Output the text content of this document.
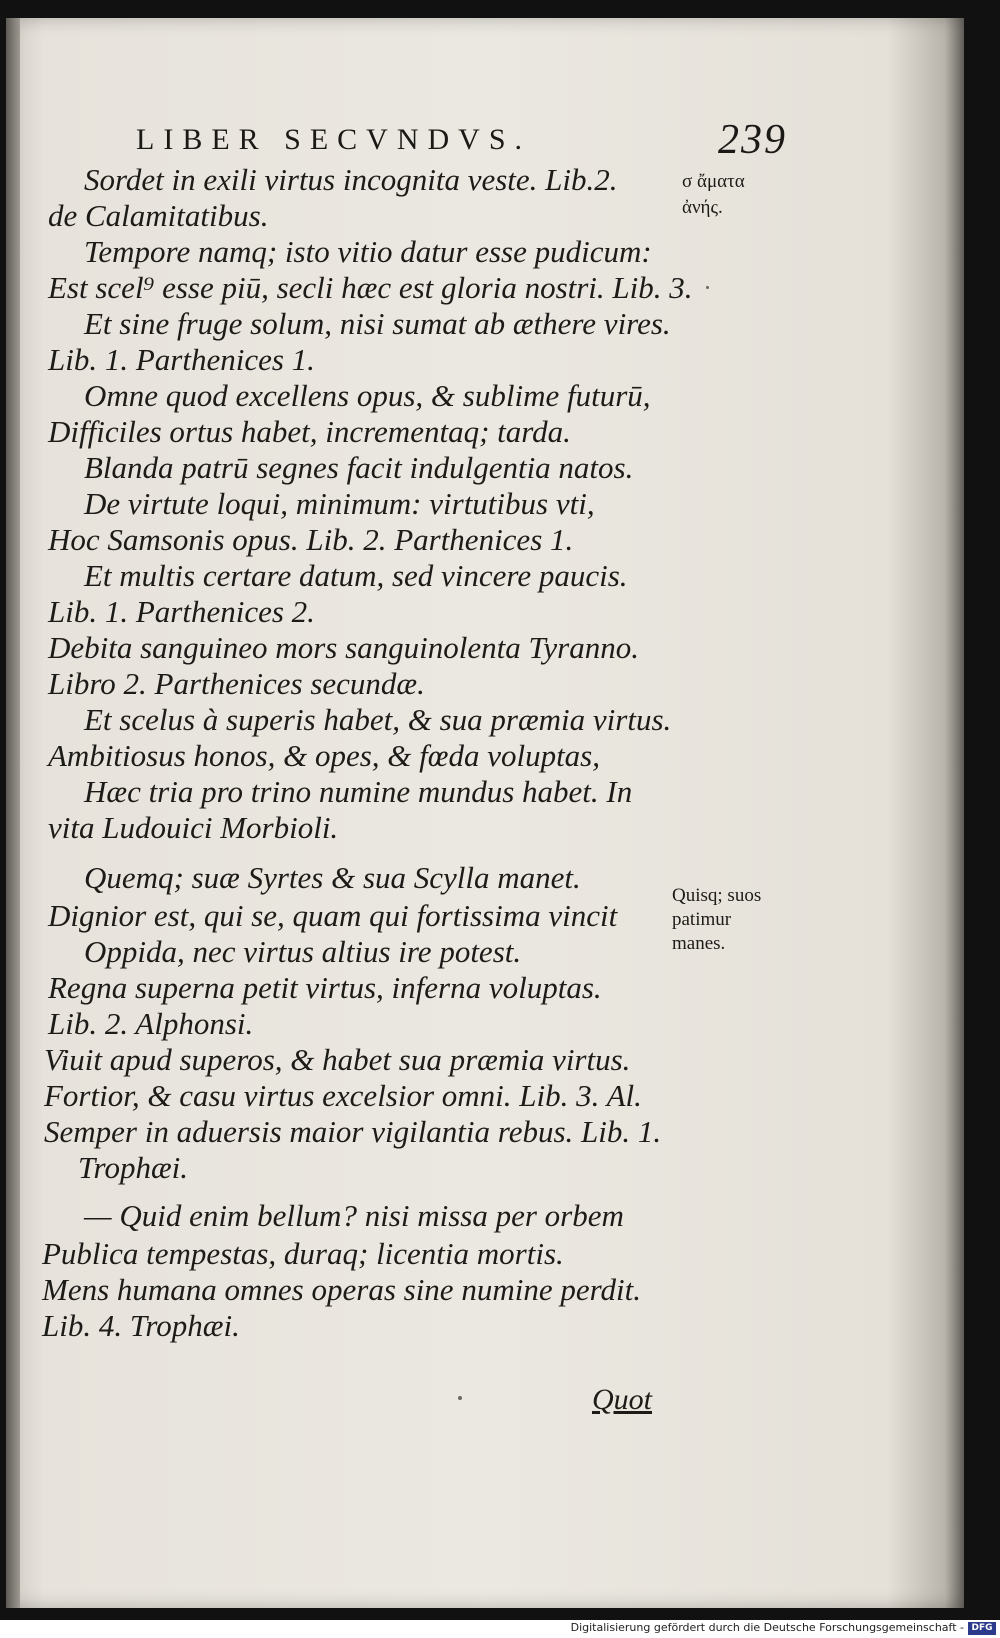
LIBER SECVNDVS.	239
Sordet in exili virtus incognita veste. Lib.2.
de Calamitatibus.
Tempore namq; isto vitio datur esse pudicum:
Est scel⁹ esse piū, secli hæc est gloria nostri. Lib. 3.
Et sine fruge solum, nisi sumat ab æthere vires.
Lib. 1. Parthenices 1.
Omne quod excellens opus, & sublime futurū,
Difficiles ortus habet, incrementaq; tarda.
Blanda patrū segnes facit indulgentia natos.
De virtute loqui, minimum: virtutibus vti,
Hoc Samsonis opus. Lib. 2. Parthenices 1.
Et multis certare datum, sed vincere paucis.
Lib. 1. Parthenices 2.
Debita sanguineo mors sanguinolenta Tyranno.
Libro 2. Parthenices secundæ.
Et scelus à superis habet, & sua præmia virtus.
Ambitiosus honos, & opes, & fœda voluptas,
Hæc tria pro trino numine mundus habet. In
vita Ludouici Morbioli.
Quemq; suæ Syrtes & sua Scylla manet.
Dignior est, qui se, quam qui fortissima vincit
Oppida, nec virtus altius ire potest.
Regna superna petit virtus, inferna voluptas.
Lib. 2. Alphonsi.
Viuit apud superos, & habet sua præmia virtus.
Fortior, & casu virtus excelsior omni. Lib. 3. Al.
Semper in aduersis maior vigilantia rebus. Lib. 1.
Trophæi.
— Quid enim bellum? nisi missa per orbem
Publica tempestas, duraq; licentia mortis.
Mens humana omnes operas sine numine perdit.
Lib. 4. Trophæi.
σ ἄματα
ἀνής.
Quisq; suos
patimur
manes.
Quot
Digitalisierung gefördert durch die Deutsche Forschungsgemeinschaft - DFG
